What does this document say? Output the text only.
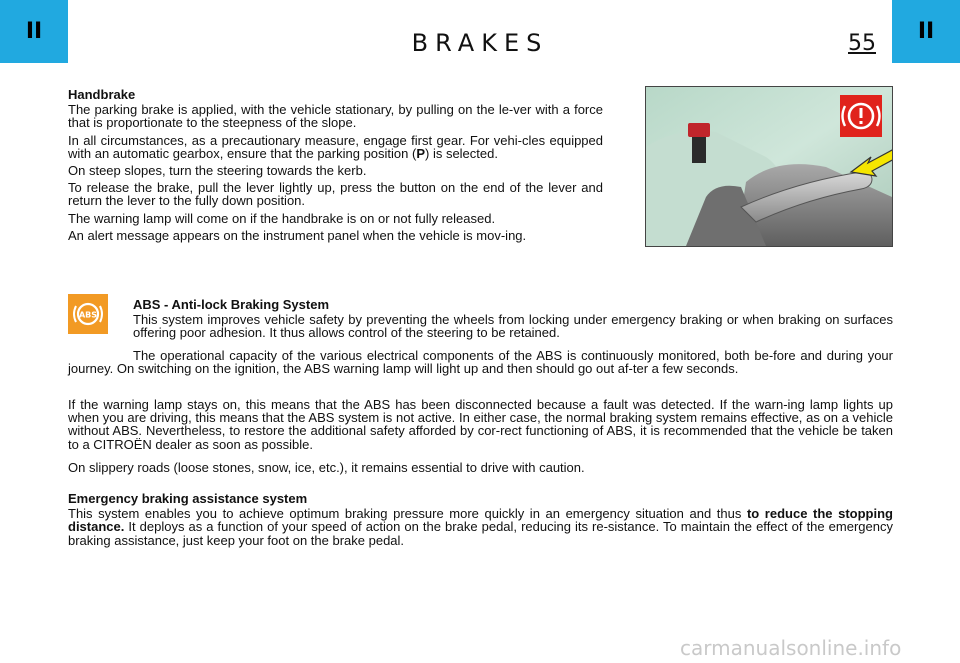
II	II
BRAKES	55
Handbrake
The parking brake is applied, with the vehicle stationary, by pulling on the le-ver with a force that is proportionate to the steepness of the slope.
In all circumstances, as a precautionary measure, engage first gear. For vehi-cles equipped with an automatic gearbox, ensure that the parking position (P) is selected.
On steep slopes, turn the steering towards the kerb.
To release the brake, pull the lever lightly up, press the button on the end of the lever and return the lever to the fully down position.
The warning lamp will come on if the handbrake is on or not fully released.
An alert message appears on the instrument panel when the vehicle is mov-ing.
ABS
ABS - Anti-lock Braking System
This system improves vehicle safety by preventing the wheels from locking under emergency braking or when braking on surfaces offering poor adhesion. It thus allows control of the steering to be retained.
The operational capacity of the various electrical components of the ABS is continuously monitored, both be-fore and during your journey. On switching on the ignition, the ABS warning lamp will light up and then should go out af-ter a few seconds.
If the warning lamp stays on, this means that the ABS has been disconnected because a fault was detected. If the warn-ing lamp lights up when you are driving, this means that the ABS system is not active. In either case, the normal braking system remains effective, as on a vehicle without ABS. Nevertheless, to restore the additional safety afforded by cor-rect functioning of ABS, it is recommended that the vehicle be taken to a CITROËN dealer as soon as possible.
On slippery roads (loose stones, snow, ice, etc.), it remains essential to drive with caution.
Emergency braking assistance system
This system enables you to achieve optimum braking pressure more quickly in an emergency situation and thus to reduce the stopping distance. It deploys as a function of your speed of action on the brake pedal, reducing its re-sistance. To maintain the effect of the emergency braking assistance, just keep your foot on the brake pedal.
carmanualsonline.info
